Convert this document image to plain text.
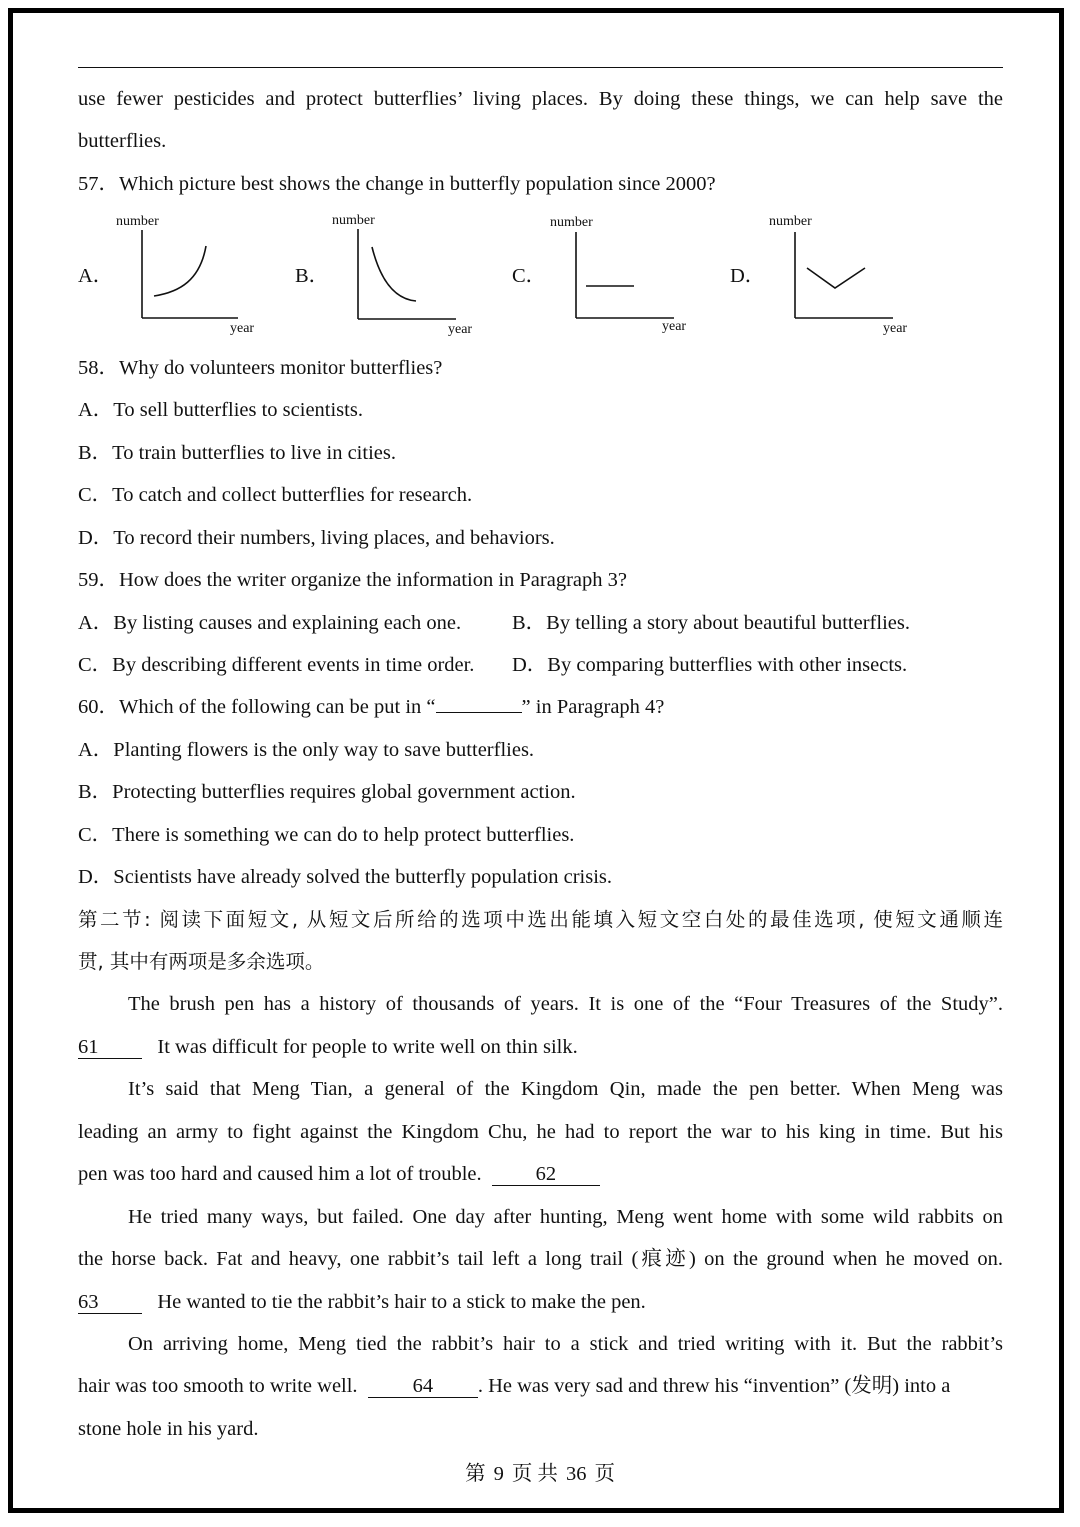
use fewer pesticides and protect butterflies’ living places. By doing these things, we can help save the
butterflies.
57．Which picture best shows the change in butterfly population since 2000?
A．
number
year
B．
number
year
C．
number
year
D．
number
year
58．Why do volunteers monitor butterflies?
A．To sell butterflies to scientists.
B．To train butterflies to live in cities.
C．To catch and collect butterflies for research.
D．To record their numbers, living places, and behaviors.
59．How does the writer organize the information in Paragraph 3?
A．By listing causes and explaining each one. B．By telling a story about beautiful butterflies.
C．By describing different events in time order. D．By comparing butterflies with other insects.
60．Which of the following can be put in “	” in Paragraph 4?
A．Planting flowers is the only way to save butterflies.
B．Protecting butterflies requires global government action.
C．There is something we can do to help protect butterflies.
D．Scientists have already solved the butterfly population crisis.
第二节: 阅读下面短文, 从短文后所给的选项中选出能填入短文空白处的最佳选项, 使短文通顺连
贯, 其中有两项是多余选项。
The brush pen has a history of thousands of years. It is one of the “Four Treasures of the Study”.
61	It was difficult for people to write well on thin silk.
It’s said that Meng Tian, a general of the Kingdom Qin, made the pen better. When Meng was
leading an army to fight against the Kingdom Chu, he had to report the war to his king in time. But his
pen was too hard and caused him a lot of trouble.	62
He tried many ways, but failed. One day after hunting, Meng went home with some wild rabbits on
the horse back. Fat and heavy, one rabbit’s tail left a long trail (痕迹) on the ground when he moved on.
63	He wanted to tie the rabbit’s hair to a stick to make the pen.
On arriving home, Meng tied the rabbit’s hair to a stick and tried writing with it. But the rabbit’s
hair was too smooth to write well.	64 . He was very sad and threw his “invention” (发明) into a
stone hole in his yard.
第 9 页 共 36 页
